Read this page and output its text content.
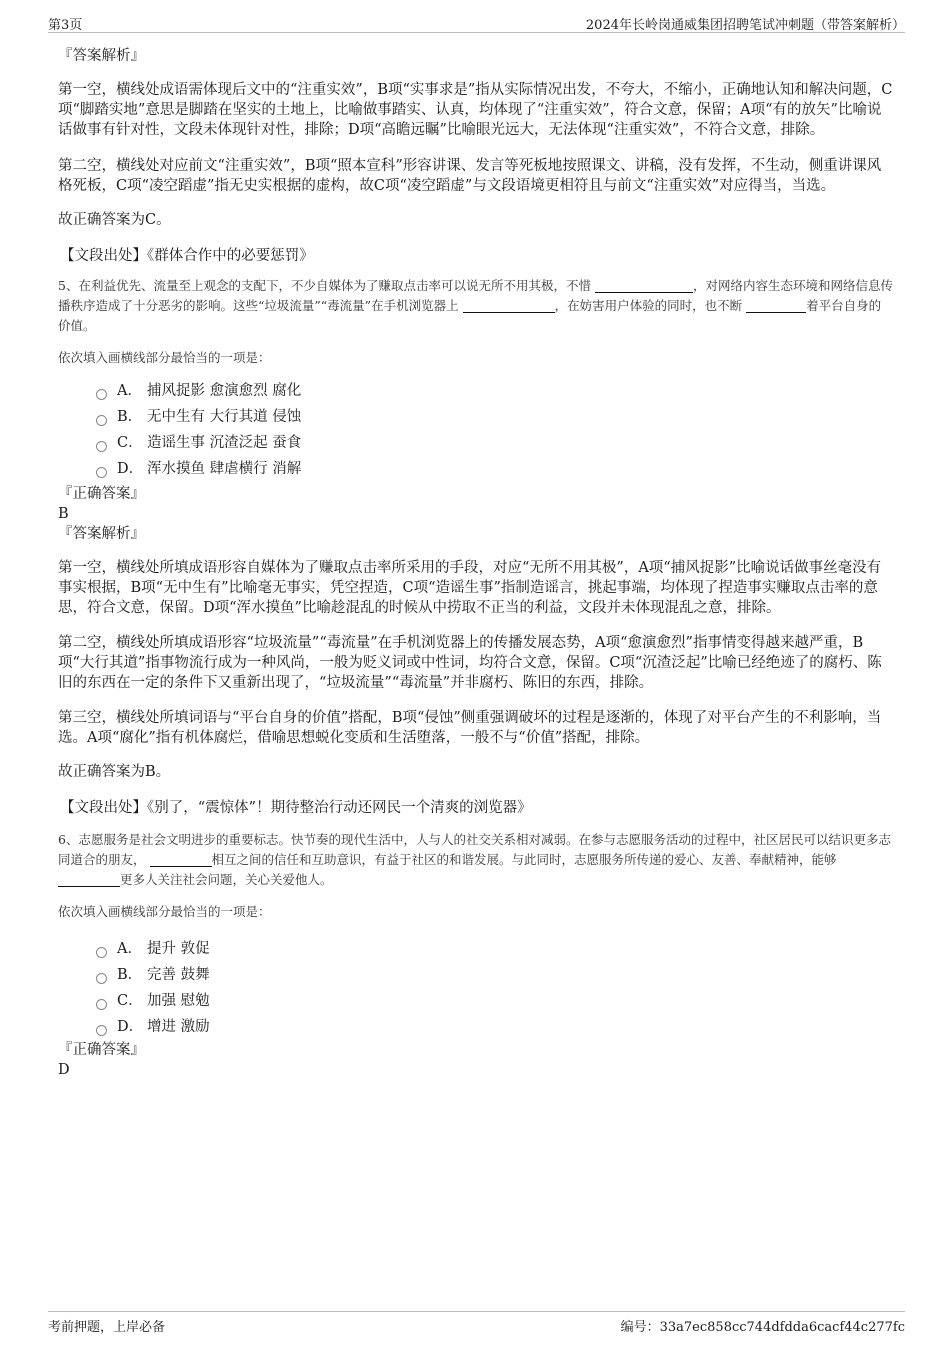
第3页	2024年长岭岗通威集团招聘笔试冲刺题（带答案解析）

『答案解析』

第一空，横线处成语需体现后文中的“注重实效”，B项“实事求是”指从实际情况出发，不夸大，不缩小，正确地认知和解决问题，C项“脚踏实地”意思是脚踏在坚实的土地上，比喻做事踏实、认真，均体现了“注重实效”，符合文意，保留；A项“有的放矢”比喻说话做事有针对性，文段未体现针对性，排除；D项“高瞻远瞩”比喻眼光远大，无法体现“注重实效”，不符合文意，排除。

第二空，横线处对应前文“注重实效”，B项“照本宣科”形容讲课、发言等死板地按照课文、讲稿，没有发挥，不生动，侧重讲课风格死板，C项“凌空蹈虚”指无史实根据的虚构，故C项“凌空蹈虚”与文段语境更相符且与前文“注重实效”对应得当，当选。

故正确答案为C。

【文段出处】《群体合作中的必要惩罚》

5、在利益优先、流量至上观念的支配下，不少自媒体为了赚取点击率可以说无所不用其极，不惜	，对网络内容生态环境和网络信息传播秩序造成了十分恶劣的影响。这些“垃圾流量”“毒流量”在手机浏览器上	，在妨害用户体验的同时，也不断	着平台自身的价值。

依次填入画横线部分最恰当的一项是：

A． 捕风捉影 愈演愈烈 腐化
B． 无中生有 大行其道 侵蚀
C． 造谣生事 沉渣泛起 蚕食
D． 浑水摸鱼 肆虐横行 消解

『正确答案』

B

『答案解析』

第一空，横线处所填成语形容自媒体为了赚取点击率所采用的手段，对应“无所不用其极”，A项“捕风捉影”比喻说话做事丝毫没有事实根据，B项“无中生有”比喻毫无事实，凭空捏造，C项“造谣生事”指制造谣言，挑起事端，均体现了捏造事实赚取点击率的意思，符合文意，保留。D项“浑水摸鱼”比喻趁混乱的时候从中捞取不正当的利益，文段并未体现混乱之意，排除。

第二空，横线处所填成语形容“垃圾流量”“毒流量”在手机浏览器上的传播发展态势，A项“愈演愈烈”指事情变得越来越严重，B项“大行其道”指事物流行成为一种风尚，一般为贬义词或中性词，均符合文意，保留。C项“沉渣泛起”比喻已经绝迹了的腐朽、陈旧的东西在一定的条件下又重新出现了，“垃圾流量”“毒流量”并非腐朽、陈旧的东西，排除。

第三空，横线处所填词语与“平台自身的价值”搭配，B项“侵蚀”侧重强调破坏的过程是逐渐的，体现了对平台产生的不利影响，当选。A项“腐化”指有机体腐烂，借喻思想蜕化变质和生活堕落，一般不与“价值”搭配，排除。

故正确答案为B。

【文段出处】《别了，“震惊体”！期待整治行动还网民一个清爽的浏览器》

6、志愿服务是社会文明进步的重要标志。快节奏的现代生活中，人与人的社交关系相对减弱。在参与志愿服务活动的过程中，社区居民可以结识更多志同道合的朋友，	相互之间的信任和互助意识，有益于社区的和谐发展。与此同时，志愿服务所传递的爱心、友善、奉献精神，能够 更多人关注社会问题，关心关爱他人。

依次填入画横线部分最恰当的一项是：

A． 提升 敦促
B． 完善 鼓舞
C． 加强 慰勉
D． 增进 激励

『正确答案』

D

考前押题，上岸必备	编号：33a7ec858cc744dfdda6cacf44c277fc
